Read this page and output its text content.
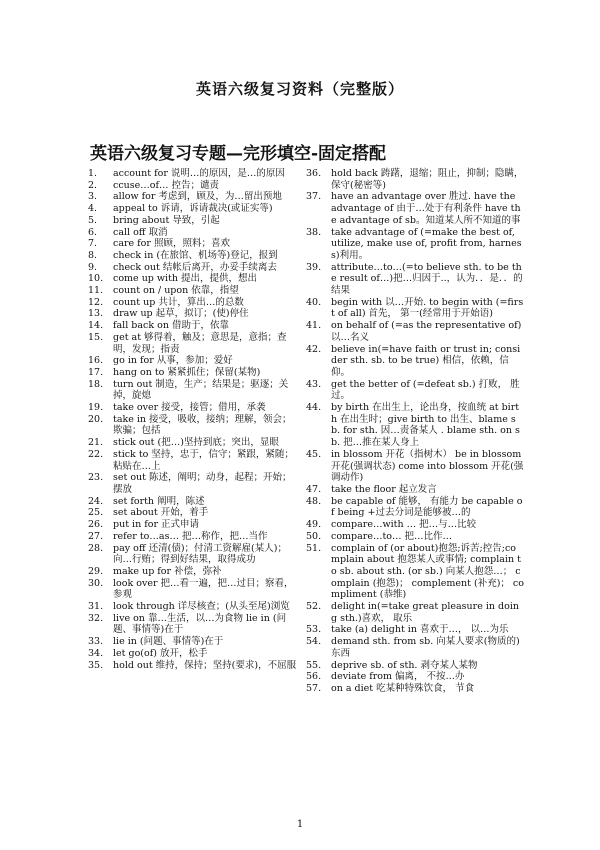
英语六级复习资料（完整版）
英语六级复习专题—完形填空-固定搭配
1.	account for 说明…的原因，是…的原因
2.	ccuse…of… 控告；谴责
3.	allow for 考虑到，顾及，为…留出预地
4.	appeal to 诉请，诉请裁决(或证实等)
5.	bring about 导致，引起
6.	call off 取消
7.	care for 照顾，照料；喜欢
8.	check in (在旅馆、机场等)登记，报到
9.	check out 结帐后离开，办妥手续离去
10.	come up with 提出，提供，想出
11.	count on / upon 依靠，指望
12.	count up 共计，算出…的总数
13.	draw up 起草，拟订；(使)停住
14.	fall back on 借助于，依靠
15.	get at 够得着，触及；意思是，意指；查明，发现；指责
16.	go in for 从事，参加；爱好
17.	hang on to 紧紧抓住；保留(某物)
18.	turn out 制造，生产；结果是；驱逐；关掉，旋熄
19.	take over 接受，接管；借用，承袭
20.	take in 接受，吸收，接纳；理解，领会；欺骗；包括
21.	stick out (把…)坚持到底；突出，显眼
22.	stick to 坚持，忠于，信守；紧跟，紧随；粘贴在…上
23.	set out 陈述，阐明；动身，起程；开始；摆放
24.	set forth 阐明，陈述
25.	set about 开始，着手
26.	put in for 正式申请
27.	refer to…as… 把…称作，把…当作
28.	pay off 还清(债)；付清工资解雇(某人)；向…行贿；得到好结果，取得成功
29.	make up for 补偿，弥补
30.	look over 把…看一遍，把…过目；察看，参观
31.	look through 详尽核查；(从头至尾)浏览
32.	live on 靠…生活，以…为食物 lie in (问题、事情等)在于
33.	lie in (问题、事情等)在于
34.	let go(of) 放开，松手
35.	hold out 维持，保持；坚持(要求)，不屈服
36.	hold back 踌躇，退缩；阻止，抑制；隐瞒，保守(秘密等)
37.	have an advantage over 胜过. have the advantage of 由于…处于有利条件 have the advantage of sb。知道某人所不知道的事
38.	take advantage of (=make the best of, utilize, make use of, profit from, harness)利用。
39.	attribute…to…(=to believe sth. to be the result of…)把…归因于..，认为．．是．．的结果
40.	begin with 以…开始. to begin with (=first of all) 首先， 第一(经常用于开始语)
41.	on behalf of (=as the representative of) 以…名义
42.	believe in(=have faith or trust in; consider sth. sb. to be true) 相信，依赖，信仰。
43.	get the better of (=defeat sb.) 打败， 胜过。
44.	by birth 在出生上，论出身，按血统 at birth 在出生时；give birth to 出生、blame sb. for sth. 因…责备某人 . blame sth. on sb. 把…推在某人身上
45.	in blossom 开花（指树木） be in blossom 开花(强调状态) come into blossom 开花(强调动作)
47.	take the floor 起立发言
48.	be capable of 能够， 有能力 be capable of being +过去分词是能够被…的
49.	compare…with … 把…与…比较
50.	compare…to… 把…比作…
51.	complain of (or about)抱怨;诉苦;控告;complain about 抱怨某人或事情; complain to sb. about sth. (or sb.) 向某人抱怨…； complain (抱怨)； complement (补充)； compliment (恭维)
52.	delight in(=take great pleasure in doing sth.)喜欢， 取乐
53.	take (a) delight in 喜欢于…， 以…为乐
54.	demand sth. from sb. 向某人要求(物质的)东西
55.	deprive sb. of sth. 剥夺某人某物
56.	deviate from 偏离， 不按…办
57.	on a diet 吃某种特殊饮食， 节食
1
